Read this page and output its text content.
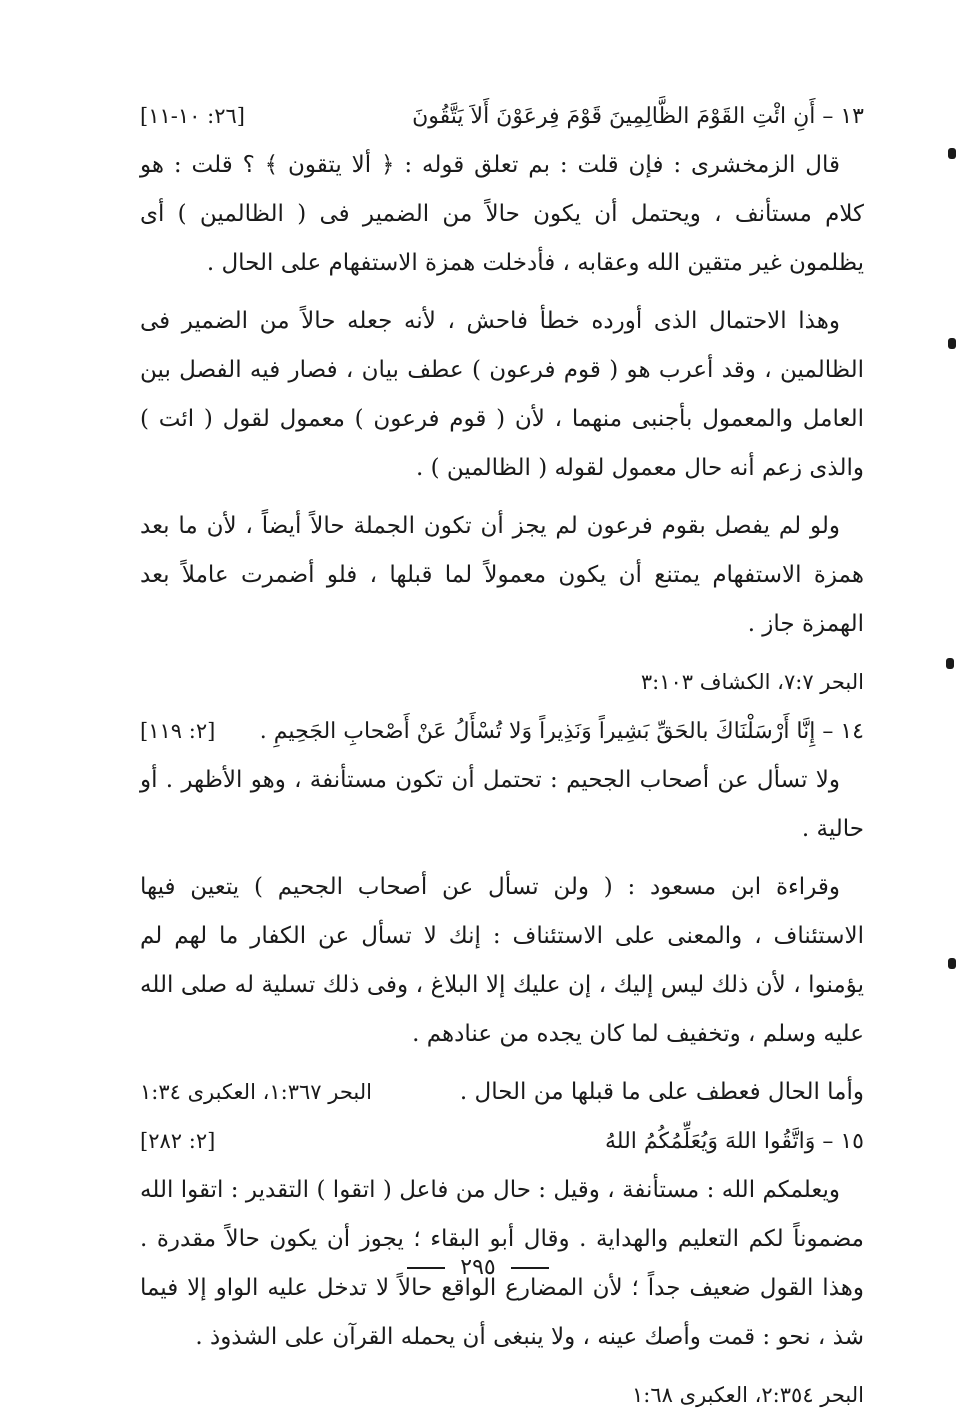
١٣ – أَنِ ائْتِ القَوْمَ الظَّالِمِينَ قَوْمَ فِرعَوْنَ أَلاَ يَتَّقُونَ
[٢٦: ١٠-١١]

قال الزمخشرى : فإن قلت : بم تعلق قوله : ﴿ ألا يتقون ﴾ ؟ قلت : هو كلام مستأنف ، ويحتمل أن يكون حالاً من الضمير فى ( الظالمين ) أى يظلمون غير متقين الله وعقابه ، فأدخلت همزة الاستفهام على الحال .

وهذا الاحتمال الذى أورده خطأ فاحش ، لأنه جعله حالاً من الضمير فى الظالمين ، وقد أعرب هو ( قوم فرعون ) عطف بيان ، فصار فيه الفصل بين العامل والمعمول بأجنبى منهما ، لأن ( قوم فرعون ) معمول لقول ( ائت ) والذى زعم أنه حال معمول لقوله ( الظالمين ) .

ولو لم يفصل بقوم فرعون لم يجز أن تكون الجملة حالاً أيضاً ، لأن ما بعد همزة الاستفهام يمتنع أن يكون معمولاً لما قبلها ، فلو أضمرت عاملاً بعد الهمزة جاز .

البحر ٧:٧، الكشاف ٣:١٠٣

١٤ – إِنَّا أَرْسَلْنَاكَ بالحَقِّ بَشِيراً وَنَذِيراً وَلا تُسْأَلُ عَنْ أَصْحابِ الجَحِيمِ .
[٢: ١١٩]

ولا تسأل عن أصحاب الجحيم : تحتمل أن تكون مستأنفة ، وهو الأظهر . أو حالية .

وقراءة ابن مسعود : ( ولن تسأل عن أصحاب الجحيم ) يتعين فيها الاستئناف ، والمعنى على الاستئناف : إنك لا تسأل عن الكفار ما لهم لم يؤمنوا ، لأن ذلك ليس إليك ، إن عليك إلا البلاغ ، وفى ذلك تسلية له صلى الله عليه وسلم ، وتخفيف لما كان يجده من عنادهم .

وأما الحال فعطف على ما قبلها من الحال .
البحر ١:٣٦٧، العكبرى ١:٣٤
١٥ – وَاتَّقُوا اللهَ وَيُعَلِّمُكُمُ اللهُ
[٢: ٢٨٢]

ويعلمكم الله : مستأنفة ، وقيل : حال من فاعل ( اتقوا ) التقدير : اتقوا الله مضموناً لكم التعليم والهداية . وقال أبو البقاء ؛ يجوز أن يكون حالاً مقدرة . وهذا القول ضعيف جداً ؛ لأن المضارع الواقع حالاً لا تدخل عليه الواو إلا فيما شذ ، نحو : قمت وأصك عينه ، ولا ينبغى أن يحمله القرآن على الشذوذ .

البحر ٢:٣٥٤، العكبرى ١:٦٨

٢٩٥
